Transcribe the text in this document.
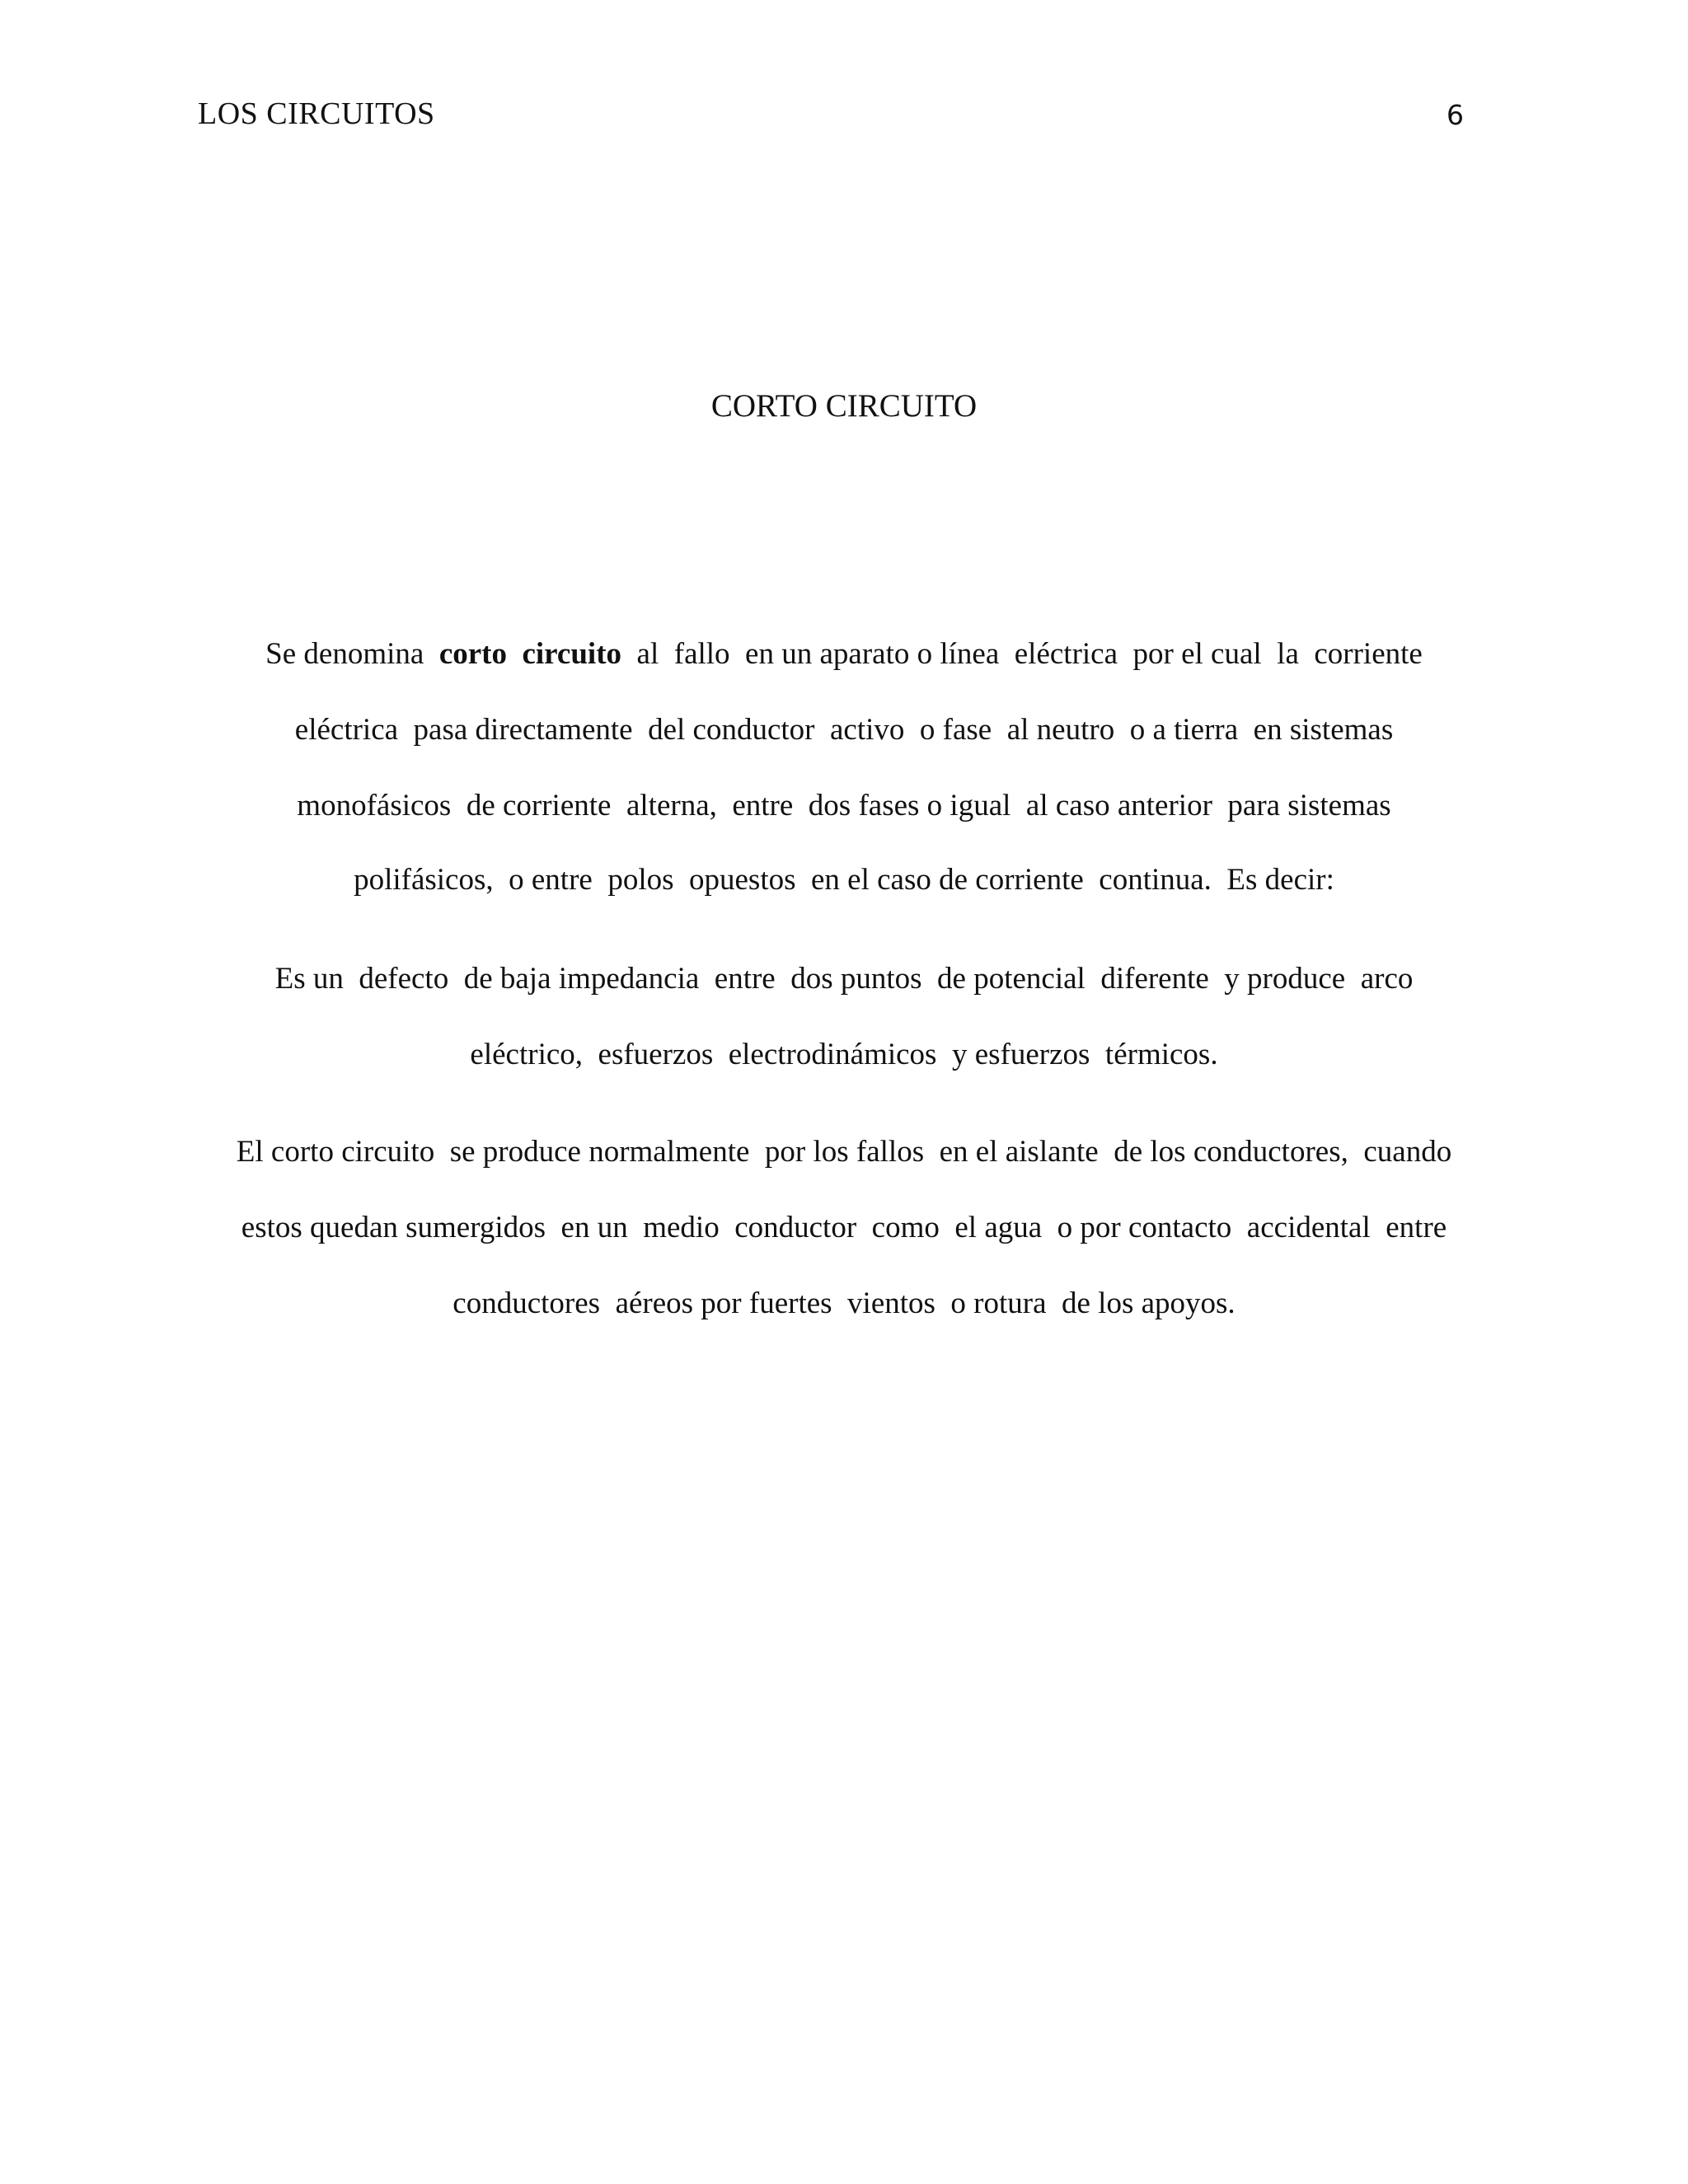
LOS CIRCUITOS	6
CORTO CIRCUITO
Se denomina  corto  circuito  al  fallo  en un aparato o línea  eléctrica  por el cual  la  corriente
eléctrica  pasa directamente  del conductor  activo  o fase  al neutro  o a tierra  en sistemas
monofásicos  de corriente  alterna,  entre  dos fases o igual  al caso anterior  para sistemas
polifásicos,  o entre  polos  opuestos  en el caso de corriente  continua.  Es decir:
Es un  defecto  de baja impedancia  entre  dos puntos  de potencial  diferente  y produce  arco
eléctrico,  esfuerzos  electrodinámicos  y esfuerzos  térmicos.
El corto circuito  se produce normalmente  por los fallos  en el aislante  de los conductores,  cuando
estos quedan sumergidos  en un  medio  conductor  como  el agua  o por contacto  accidental  entre
conductores  aéreos por fuertes  vientos  o rotura  de los apoyos.
